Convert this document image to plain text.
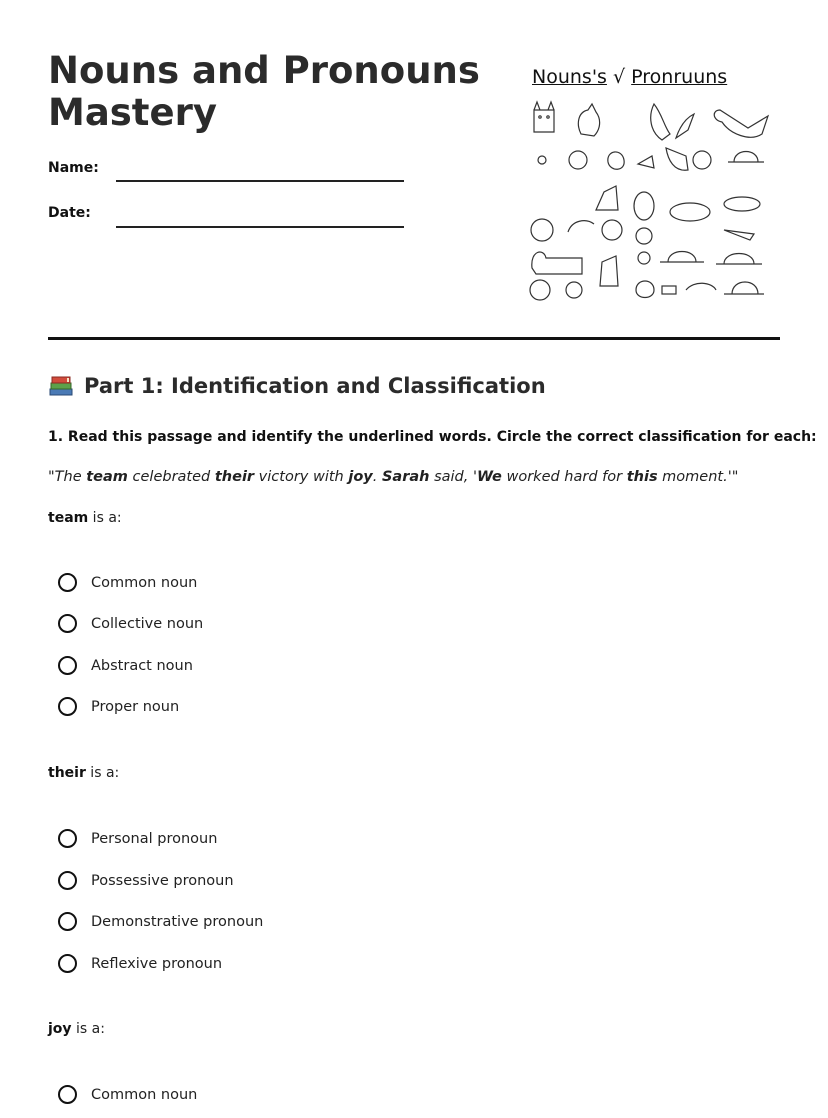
Nouns and Pronouns Mastery
Name:
Date:
Nouns's √ Pronruuns
Part 1: Identification and Classification
1. Read this passage and identify the underlined words. Circle the correct classification for each:
"The team celebrated their victory with joy. Sarah said, 'We worked hard for this moment.'"
team is a:
Common noun
Collective noun
Abstract noun
Proper noun
their is a:
Personal pronoun
Possessive pronoun
Demonstrative pronoun
Reflexive pronoun
joy is a:
Common noun
